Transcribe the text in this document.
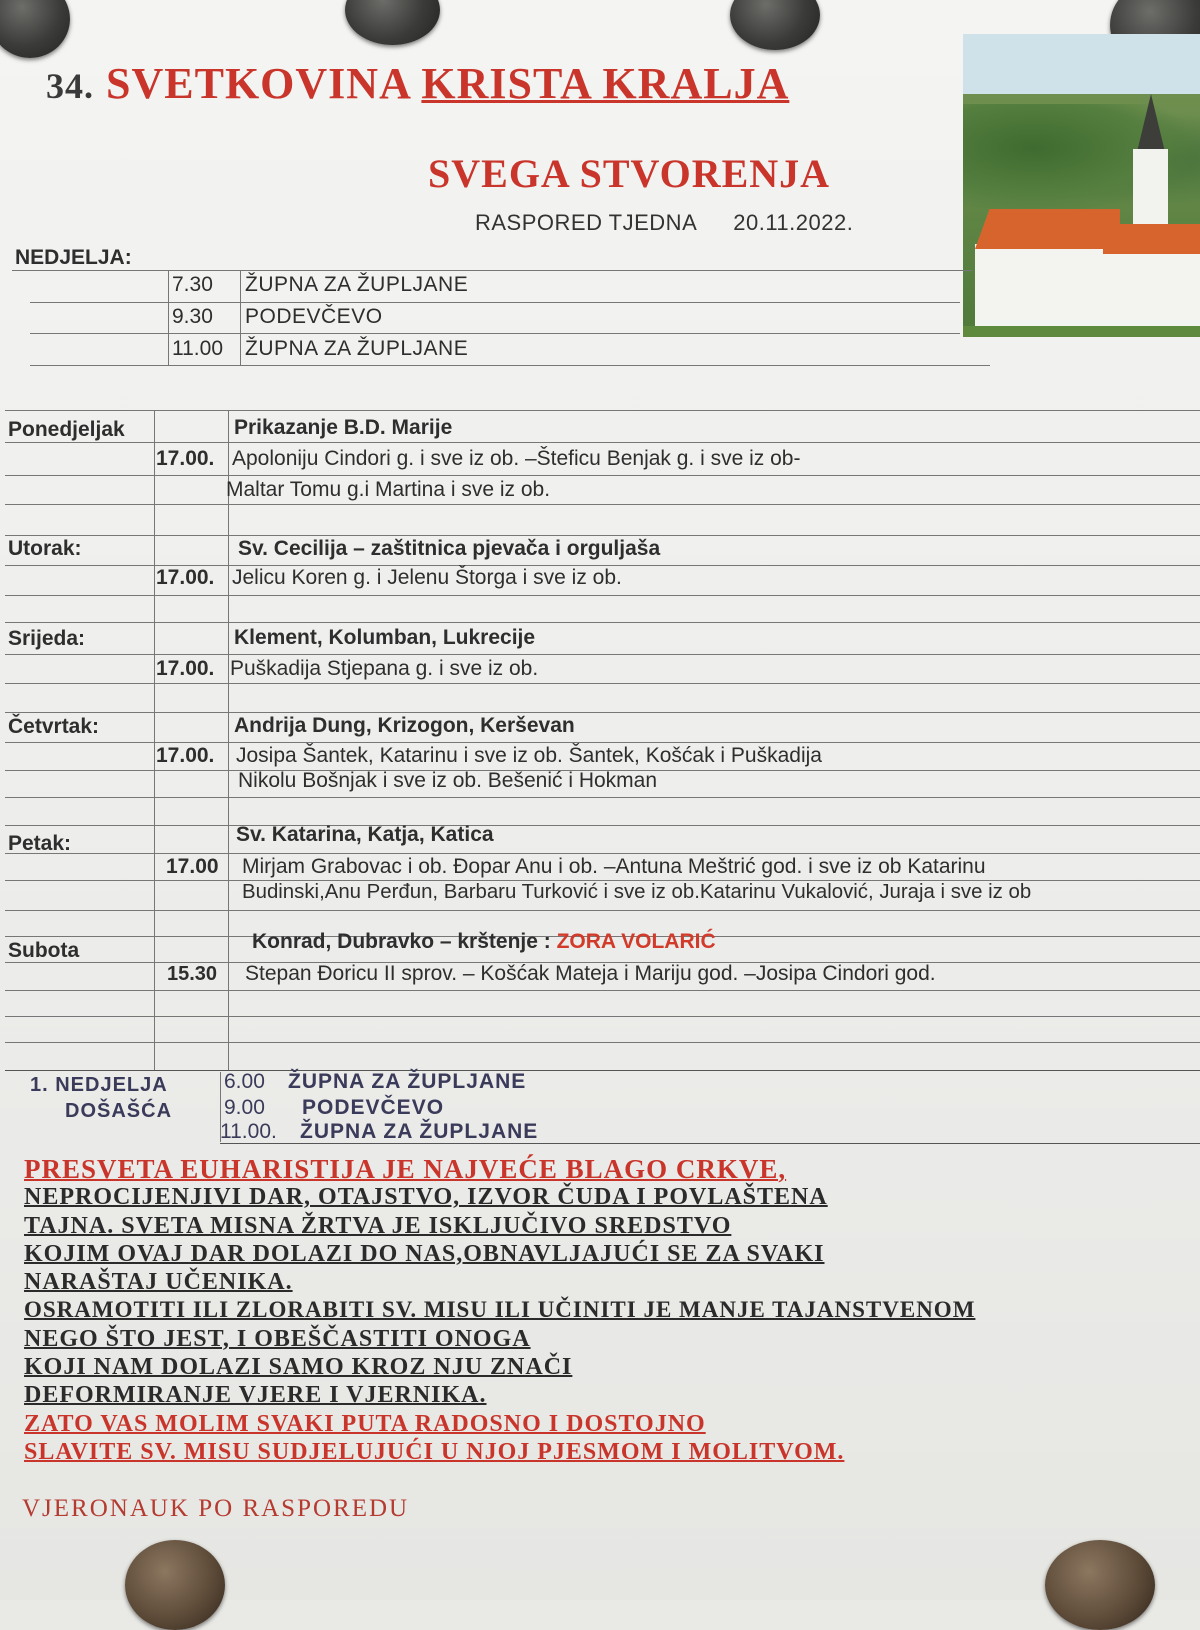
34. SVETKOVINA KRISTA KRALJA
SVEGA STVORENJA
RASPORED TJEDNA 20.11.2022.
NEDJELJA:
7.30 ŽUPNA ZA ŽUPLJANE
9.30 PODEVČEVO
11.00 ŽUPNA ZA ŽUPLJANE
Ponedjeljak	Prikazanje B.D. Marije
17.00. Apoloniju Cindori g. i sve iz ob. –Šteficu Benjak g. i sve iz ob-
Maltar Tomu g.i Martina i sve iz ob.
Utorak:	Sv. Cecilija – zaštitnica pjevača i orguljaša
17.00. Jelicu Koren g. i Jelenu Štorga i sve iz ob.
Srijeda:	Klement, Kolumban, Lukrecije
17.00. Puškadija Stjepana g. i sve iz ob.
Četvrtak:	Andrija Dung, Krizogon, Kerševan
17.00. Josipa Šantek, Katarinu i sve iz ob. Šantek, Košćak i Puškadija
Nikolu Bošnjak i sve iz ob. Bešenić i Hokman
Petak:	Sv. Katarina, Katja, Katica
17.00 Mirjam Grabovac i ob. Đopar Anu i ob. –Antuna Meštrić god. i sve iz ob Katarinu
Budinski,Anu Perđun, Barbaru Turković i sve iz ob.Katarinu Vukalović, Juraja i sve iz ob
Subota	Konrad, Dubravko – krštenje : ZORA VOLARIĆ
15.30 Stepan Đoricu II sprov. – Košćak Mateja i Mariju god. –Josipa Cindori god.
1. NEDJELJA
DOŠAŠĆA
6.00 ŽUPNA ZA ŽUPLJANE
9.00 PODEVČEVO
11.00. ŽUPNA ZA ŽUPLJANE
PRESVETA EUHARISTIJA JE NAJVEĆE BLAGO CRKVE,
NEPROCIJENJIVI DAR, OTAJSTVO, IZVOR ČUDA I POVLAŠTENA
TAJNA. SVETA MISNA ŽRTVA JE ISKLJUČIVO SREDSTVO
KOJIM OVAJ DAR DOLAZI DO NAS,OBNAVLJAJUĆI SE ZA SVAKI
NARAŠTAJ UČENIKA.
OSRAMOTITI ILI ZLORABITI SV. MISU ILI UČINITI JE MANJE TAJANSTVENOM
NEGO ŠTO JEST, I OBEŠČASTITI ONOGA
KOJI NAM DOLAZI SAMO KROZ NJU ZNAČI
DEFORMIRANJE VJERE I VJERNIKA.
ZATO VAS MOLIM SVAKI PUTA RADOSNO I DOSTOJNO
SLAVITE SV. MISU SUDJELUJUĆI U NJOJ PJESMOM I MOLITVOM.
VJERONAUK PO RASPOREDU
